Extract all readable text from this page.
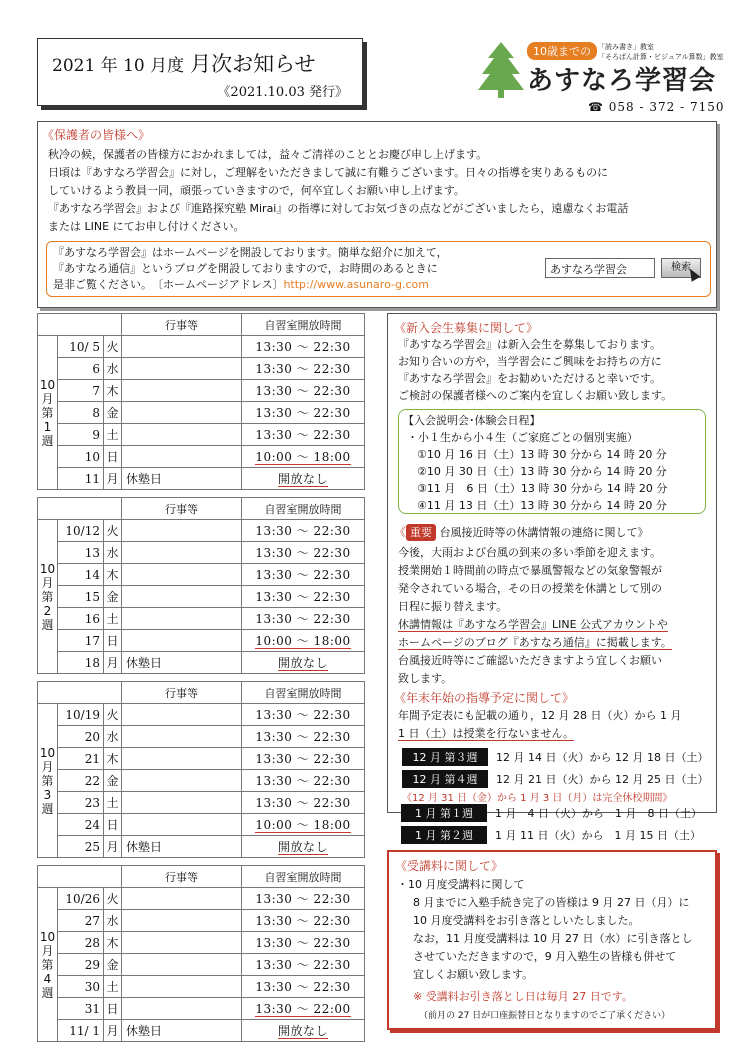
2021 年 10 月度 月次お知らせ
《2021.10.03 発行》
10歳までの	「読み書き」教室
「そろばん計算・ビジュアル算数」教室
あすなろ学習会
☎ 058 - 372 - 7150
《保護者の皆様へ》
秋冷の候，保護者の皆様方におかれましては，益々ご清祥のこととお慶び申し上げます。
日頃は『あすなろ学習会』に対し，ご理解をいただきまして誠に有難うございます。日々の指導を実りあるものに
していけるよう教員一同，頑張っていきますので，何卒宜しくお願い申し上げます。
『あすなろ学習会』および『進路探究塾 Mirai』の指導に対してお気づきの点などがございましたら，遠慮なくお電話
または LINE にてお申し付けください。
『あすなろ学習会』はホームページを開設しております。簡単な紹介に加えて，
『あすなろ通信』というブログを開設しておりますので，お時間のあるときに
是非ご覧ください。　〔ホームページアドレス〕http://www.asunaro-g.com
あすなろ学習会	検索
			行事等	自習室開放時間

10
月
第
1
週	10/ 5	火		13:30 ～ 22:30
	6	水		13:30 ～ 22:30
	7	木		13:30 ～ 22:30
	8	金		13:30 ～ 22:30
	9	土		13:30 ～ 22:30
	10	日		10:00 ～ 18:00
	11	月	休塾日	開放なし
			行事等	自習室開放時間

10
月
第
2
週	10/12	火		13:30 ～ 22:30
	13	水		13:30 ～ 22:30
	14	木		13:30 ～ 22:30
	15	金		13:30 ～ 22:30
	16	土		13:30 ～ 22:30
	17	日		10:00 ～ 18:00
	18	月	休塾日	開放なし
			行事等	自習室開放時間

10
月
第
3
週	10/19	火		13:30 ～ 22:30
	20	水		13:30 ～ 22:30
	21	木		13:30 ～ 22:30
	22	金		13:30 ～ 22:30
	23	土		13:30 ～ 22:30
	24	日		10:00 ～ 18:00
	25	月	休塾日	開放なし
			行事等	自習室開放時間

10
月
第
4
週	10/26	火		13:30 ～ 22:30
	27	水		13:30 ～ 22:30
	28	木		13:30 ～ 22:30
	29	金		13:30 ～ 22:30
	30	土		13:30 ～ 22:30
	31	日		13:30 ～ 22:00
	11/ 1	月	休塾日	開放なし
《新入会生募集に関して》
『あすなろ学習会』は新入会生を募集しております。
お知り合いの方や，当学習会にご興味をお持ちの方に
『あすなろ学習会』をお勧めいただけると幸いです。
ご検討の保護者様へのご案内を宜しくお願い致します。
【入会説明会･体験会日程】
・小１生から小４生（ご家庭ごとの個別実施）
①10 月 16 日（土）13 時 30 分から 14 時 20 分
②10 月 30 日（土）13 時 30 分から 14 時 20 分
③11 月　6 日（土）13 時 30 分から 14 時 20 分
④11 月 13 日（土）13 時 30 分から 14 時 20 分
《 重要 台風接近時等の休講情報の連絡に関して》
今後，大雨および台風の到来の多い季節を迎えます。
授業開始１時間前の時点で暴風警報などの気象警報が
発令されている場合，その日の授業を休講として別の
日程に振り替えます。
休講情報は『あすなろ学習会』LINE 公式アカウントや
ホームページのブログ『あすなろ通信』に掲載します。
台風接近時等にご確認いただきますよう宜しくお願い
致します。
《年末年始の指導予定に関して》
年間予定表にも記載の通り，12 月 28 日（火）から 1 月
1 日（土）は授業を行ないません。
12 月 第３週 12 月 14 日（火）から 12 月 18 日（土）
12 月 第４週 12 月 21 日（火）から 12 月 25 日（土）
《12 月 31 日（金）から 1 月 3 日（月）は完全休校期間》
1 月 第１週 1 月　4 日（火）から　1 月　8 日（土）
《受講料に関して》
・10 月度受講料に関して
8 月までに入塾手続き完了の皆様は 9 月 27 日（月）に
10 月度受講料をお引き落としいたしました。
なお，11 月度受講料は 10 月 27 日（水）に引き落とし
させていただきますので，9 月入塾生の皆様も併せて
宜しくお願い致します。
※ 受講料お引き落とし日は毎月 27 日です。
（前月の 27 日が口座振替日となりますのでご了承ください）
1 月 第２週 1 月 11 日（火）から　1 月 15 日（土）
